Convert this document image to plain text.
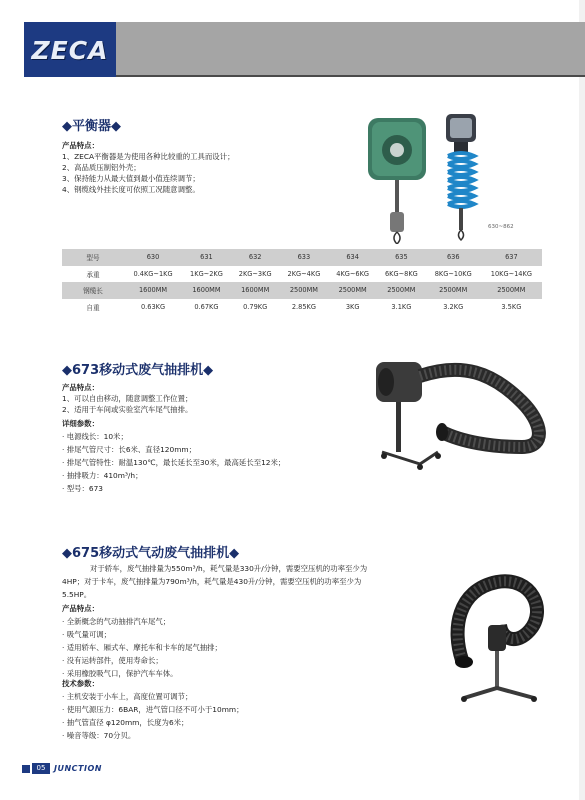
ZECA
◆平衡器◆
产品特点：
1、ZECA平衡器是为使用各种比较重的工具而设计；
2、高品质压制铝外壳；
3、保持能力从最大值到最小值连续调节；
4、钢缆线外挂长度可依照工况随意调整。
630~862
型号	630	631	632	633	634	635	636	637
承重	0.4KG~1KG	1KG~2KG	2KG~3KG	2KG~4KG	4KG~6KG	6KG~8KG	8KG~10KG	10KG~14KG
钢缆长	1600MM	1600MM	1600MM	2500MM	2500MM	2500MM	2500MM	2500MM
自重	0.63KG	0.67KG	0.79KG	2.85KG	3KG	3.1KG	3.2KG	3.5KG
◆673移动式废气抽排机◆
产品特点：
1、可以自由移动，随意调整工作位置；
2、适用于车间或实验室汽车尾气抽排。
详细参数：
· 电源线长：10米；
· 排尾气管尺寸：长6米、直径120mm；
· 排尾气管特性：耐温130℃，最长延长至30米，最高延长至12米；
· 抽排吸力：410m³/h；
· 型号：673
◆675移动式气动废气抽排机◆
对于轿车，废气抽排量为550m³/h，耗气量是330升/分钟，需要空压机的功率至少为
4HP；对于卡车，废气抽排量为790m³/h，耗气量是430升/分钟，需要空压机的功率至少为
5.5HP。
产品特点：
· 全新概念的气动抽排汽车尾气；
· 吸气量可调；
· 适用轿车、厢式车、摩托车和卡车的尾气抽排；
· 没有运转部件，使用寿命长；
· 采用橡胶吸气口，保护汽车车体。
技术参数：
· 主机安装于小车上，高度位置可调节；
· 使用气源压力：6BAR，进气管口径不可小于10mm；
· 抽气管直径 φ120mm，长度为6米；
· 噪音等级：70分贝。
05	JUNCTION
